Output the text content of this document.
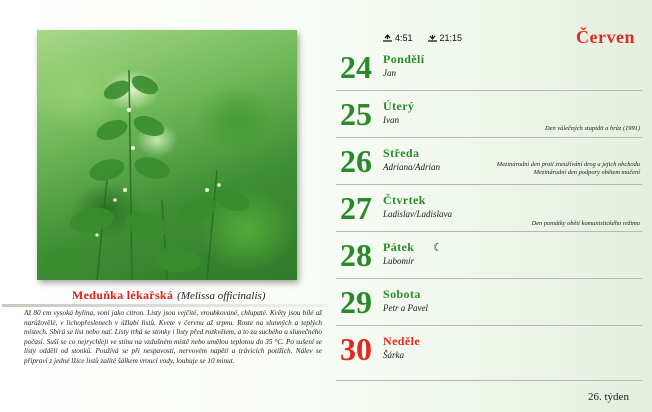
Meduňka lékařská (Melissa officinalis)
Až 80 cm vysoká bylina, voní jako citron. Listy jsou vejčité, vroubkované, chlupaté. Květy jsou bílé až narůžovělé, v lichopřeslenech v úžlabí listů. Kvete v červnu až srpnu. Roste na slunných a teplých místech. Sbírá se list nebo nať. Listy trhá se stonky i listy před rozkvětem, a to za suchého a slunečného počasí. Suší se co nejrychleji ve stínu na vzdušném místě nebo umělou teplotou do 35 °C. Po sušení se listy oddělí od stonků. Používá se při nespavosti, nervovém napětí a trávicích potížích. Nálev se připraví z jedné lžíce listů zalité šálkem vroucí vody, louhuje se 10 minut.
4:51	21:15	Červen
24 Pondělí
Jan
25 Úterý
Ivan
Den válečných stupidit a hrůz (1991)
26 Středa
Adriana/Adrian	Mezinárodní den proti zneužívání drog a jejich obchodu
Mezinárodní den podpory obětem mučení
27 Čtvrtek
Ladislav/Ladislava
Den památky obětí komunistického režimu
28 Pátek ☾
Lubomír
29 Sobota
Petr a Pavel
30 Neděle
Šárka
26. týden
